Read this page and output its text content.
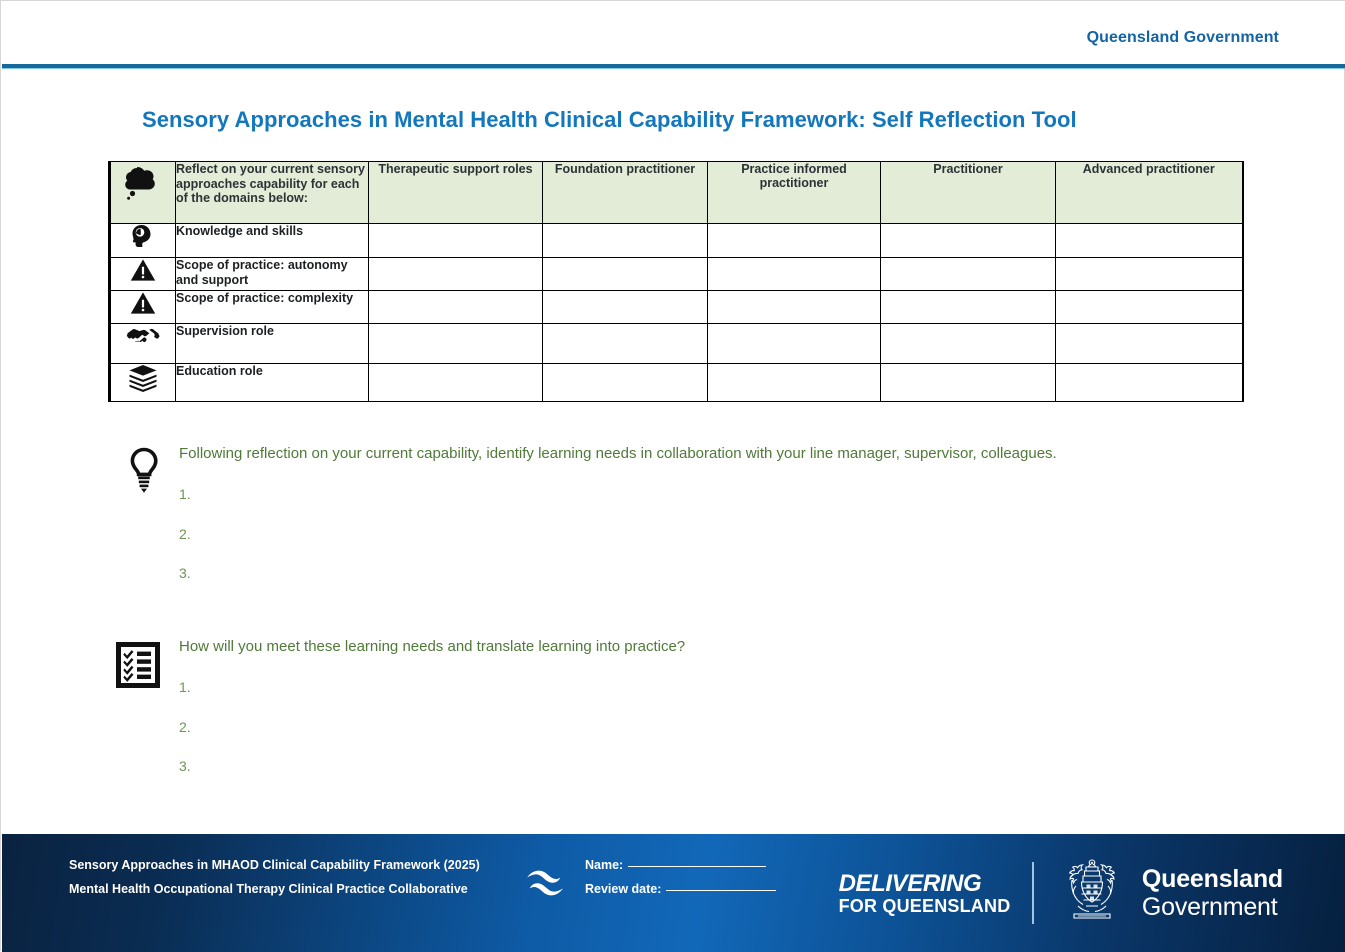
Queensland Government
Sensory Approaches in Mental Health Clinical Capability Framework: Self Reflection Tool
	Reflect on your current sensory approaches capability for each of the domains below:	Therapeutic support roles	Foundation practitioner	Practice informed practitioner	Practitioner	Advanced practitioner
	Knowledge and skills					
	Scope of practice: autonomy and support					
	Scope of practice: complexity					
	Supervision role					
	Education role					
Following reflection on your current capability, identify learning needs in collaboration with your line manager, supervisor, colleagues.
1.
2.
3.
How will you meet these learning needs and translate learning into practice?
1.
2.
3.
Sensory Approaches in MHAOD Clinical Capability Framework (2025)
Mental Health Occupational Therapy Clinical Practice Collaborative
Name:
Review date:	DELIVERING
FOR QUEENSLAND
Queensland
Government
